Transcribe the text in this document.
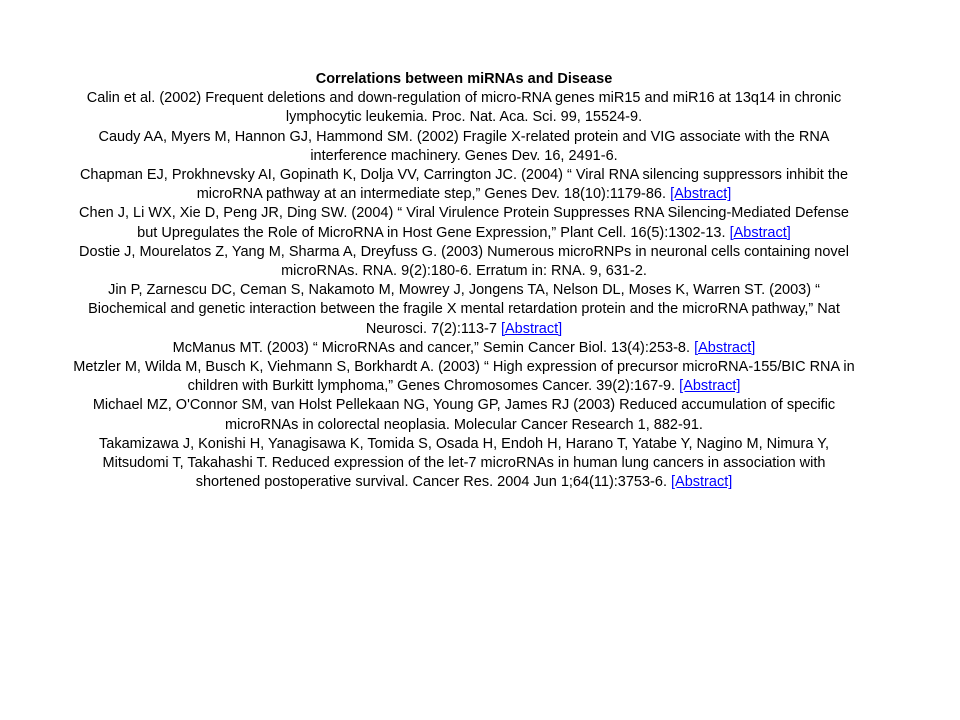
Correlations between miRNAs and Disease

Calin et al. (2002) Frequent deletions and down-regulation of micro-RNA genes miR15 and miR16 at 13q14 in chronic lymphocytic leukemia. Proc. Nat. Aca. Sci. 99, 15524-9.

Caudy AA, Myers M, Hannon GJ, Hammond SM. (2002) Fragile X-related protein and VIG associate with the RNA interference machinery. Genes Dev. 16, 2491-6.

Chapman EJ, Prokhnevsky AI, Gopinath K, Dolja VV, Carrington JC. (2004) “ Viral RNA silencing suppressors inhibit the microRNA pathway at an intermediate step,” Genes Dev. 18(10):1179-86. [Abstract]

Chen J, Li WX, Xie D, Peng JR, Ding SW. (2004) “ Viral Virulence Protein Suppresses RNA Silencing-Mediated Defense but Upregulates the Role of MicroRNA in Host Gene Expression,” Plant Cell. 16(5):1302-13. [Abstract]

Dostie J, Mourelatos Z, Yang M, Sharma A, Dreyfuss G. (2003) Numerous microRNPs in neuronal cells containing novel microRNAs. RNA. 9(2):180-6. Erratum in: RNA. 9, 631-2.

Jin P, Zarnescu DC, Ceman S, Nakamoto M, Mowrey J, Jongens TA, Nelson DL, Moses K, Warren ST. (2003) “ Biochemical and genetic interaction between the fragile X mental retardation protein and the microRNA pathway,” Nat Neurosci. 7(2):113-7 [Abstract]

McManus MT. (2003) “ MicroRNAs and cancer,” Semin Cancer Biol. 13(4):253-8. [Abstract]

Metzler M, Wilda M, Busch K, Viehmann S, Borkhardt A. (2003) “ High expression of precursor microRNA-155/BIC RNA in children with Burkitt lymphoma,” Genes Chromosomes Cancer. 39(2):167-9. [Abstract]

Michael MZ, O'Connor SM, van Holst Pellekaan NG, Young GP, James RJ (2003) Reduced accumulation of specific microRNAs in colorectal neoplasia. Molecular Cancer Research 1, 882-91.

Takamizawa J, Konishi H, Yanagisawa K, Tomida S, Osada H, Endoh H, Harano T, Yatabe Y, Nagino M, Nimura Y, Mitsudomi T, Takahashi T. Reduced expression of the let-7 microRNAs in human lung cancers in association with shortened postoperative survival. Cancer Res. 2004 Jun 1;64(11):3753-6. [Abstract]
